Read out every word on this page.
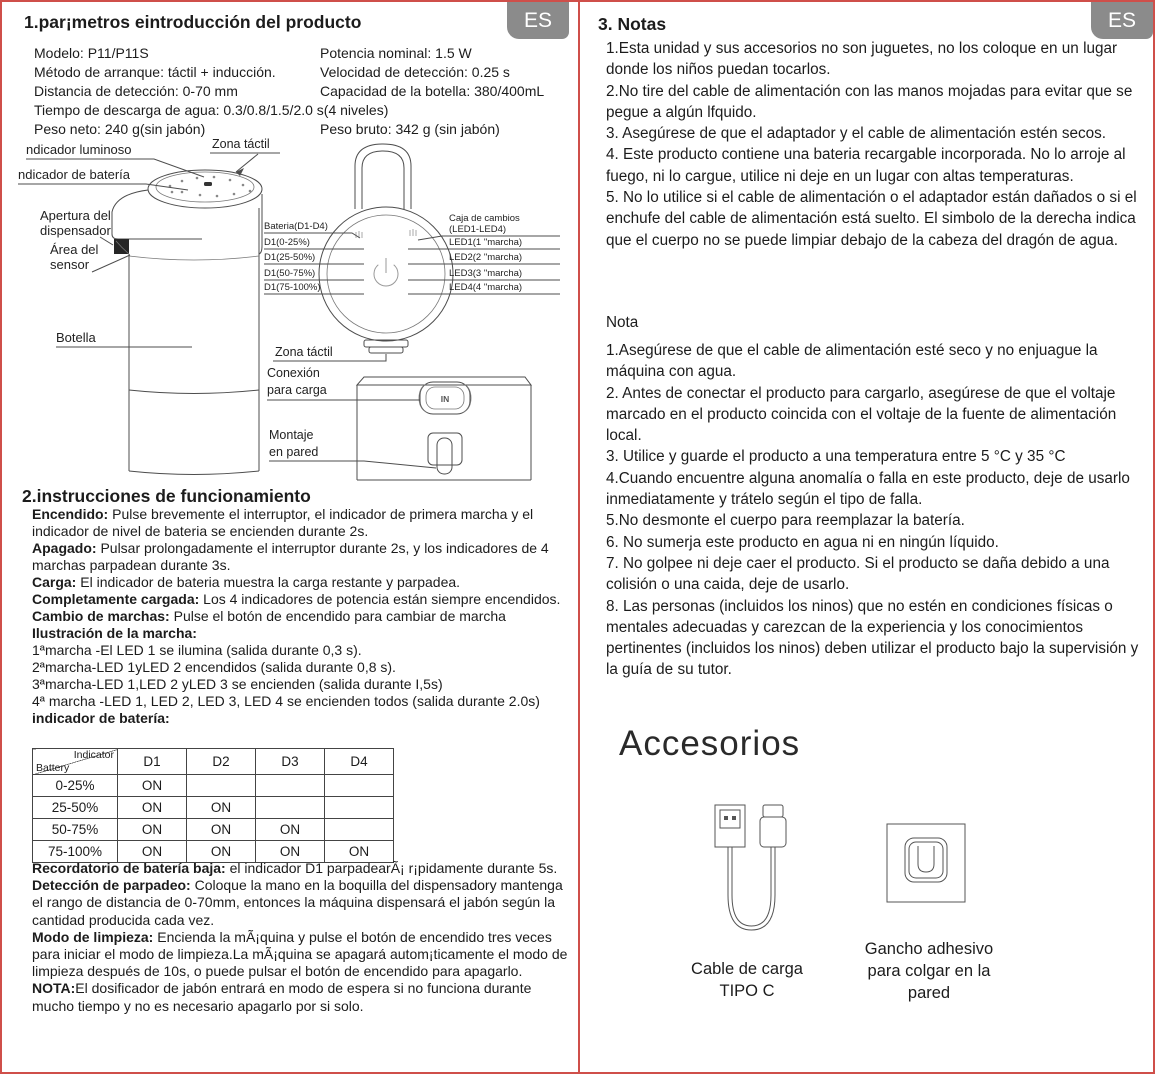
ES	ES
1.par¡metros eintroducción del producto
Modelo: P11/P11S	Potencia nominal: 1.5 W
Método de arranque: táctil + inducción.	Velocidad de detección: 0.25 s
Distancia de detección: 0-70 mm	Capacidad de la botella: 380/400mL
Tiempo de descarga de agua: 0.3/0.8/1.5/2.0 s(4 niveles)
Peso neto: 240 g(sin jabón)	Peso bruto: 342 g (sin jabón)
ndicador luminoso
ndicador de batería
Zona táctil
Apertura del
dispensador
Área del
sensor
Botella
Bateria(D1-D4)
D1(0-25%)
D1(25-50%)
D1(50-75%)
D1(75-100%)
Caja de cambios
(LED1-LED4)
LED1(1 "marcha)
LED2(2 "marcha)
LED3(3 "marcha)
LED4(4 "marcha)
Zona táctil
IN
Conexión
para carga
Montaje
en pared
2.instrucciones de funcionamiento

Encendido: Pulse brevemente el interruptor, el indicador de primera marcha y el indicador de nivel de bateria se encienden durante 2s.

Apagado: Pulsar prolongadamente el interruptor durante 2s, y los indicadores de 4 marchas parpadean durante 3s.

Carga: El indicador de bateria muestra la carga restante y parpadea.

Completamente cargada: Los 4 indicadores de potencia están siempre encendidos.

Cambio de marchas: Pulse el botón de encendido para cambiar de marcha

Ilustración de la marcha:

1ªmarcha -El LED 1 se ilumina (salida durante 0,3 s).

2ªmarcha-LED 1yLED 2 encendidos (salida durante 0,8 s).

3ªmarcha-LED 1,LED 2 yLED 3 se encienden (salida durante I,5s)

4ª marcha -LED 1, LED 2, LED 3, LED 4 se encienden todos (salida durante 2.0s)

indicador de batería:

Indicator
Battery	D1	D2	D3	D4
0-25%	ON			
25-50%	ON	ON		
50-75%	ON	ON	ON	
75-100%	ON	ON	ON	ON

Recordatorio de batería baja: el indicador D1 parpadearÃ¡ r¡pidamente durante 5s.

Detección de parpadeo: Coloque la mano en la boquilla del dispensadory mantenga el rango de distancia de 0-70mm, entonces la máquina dispensará el jabón según la cantidad producida cada vez.

Modo de limpieza: Encienda la mÃ¡quina y pulse el botón de encendido tres veces para iniciar el modo de limpieza.La mÃ¡quina se apagará autom¡ticamente el modo de limpieza después de 10s, o puede pulsar el botón de encendido para apagarlo.

NOTA:El dosificador de jabón entrará en modo de espera si no funciona durante mucho tiempo y no es necesario apagarlo por si solo.

3. Notas

1.Esta unidad y sus accesorios no son juguetes, no los coloque en un lugar donde los niños puedan tocarlos.

2.No tire del cable de alimentación con las manos mojadas para evitar que se pegue a algún lfquido.

3. Asegúrese de que el adaptador y el cable de alimentación estén secos.

4. Este producto contiene una bateria recargable incorporada. No lo arroje al fuego, ni lo cargue, utilice ni deje en un lugar con altas temperaturas.

5. No lo utilice si el cable de alimentación o el adaptador están dañados o si el enchufe del cable de alimentación está suelto. El simbolo de la derecha indica que el cuerpo no se puede limpiar debajo de la cabeza del dragón de agua.

Nota

1.Asegúrese de que el cable de alimentación esté seco y no enjuague la máquina con agua.

2. Antes de conectar el producto para cargarlo, asegúrese de que el voltaje marcado en el producto coincida con el voltaje de la fuente de alimentación local.

3. Utilice y guarde el producto a una temperatura entre 5 °C y 35 °C

4.Cuando encuentre alguna anomalía o falla en este producto, deje de usarlo inmediatamente y trátelo según el tipo de falla.

5.No desmonte el cuerpo para reemplazar la batería.

6. No sumerja este producto en agua ni en ningún líquido.

7. No golpee ni deje caer el producto. Si el producto se daña debido a una colisión o una caida, deje de usarlo.

8. Las personas (incluidos los ninos) que no estén en condiciones físicas o mentales adecuadas y carezcan de la experiencia y los conocimientos pertinentes (incluidos los ninos) deben utilizar el producto bajo la supervisión y la guía de su tutor.

Accesorios
Cable de carga
TIPO C
Gancho adhesivo
para colgar en la
pared
